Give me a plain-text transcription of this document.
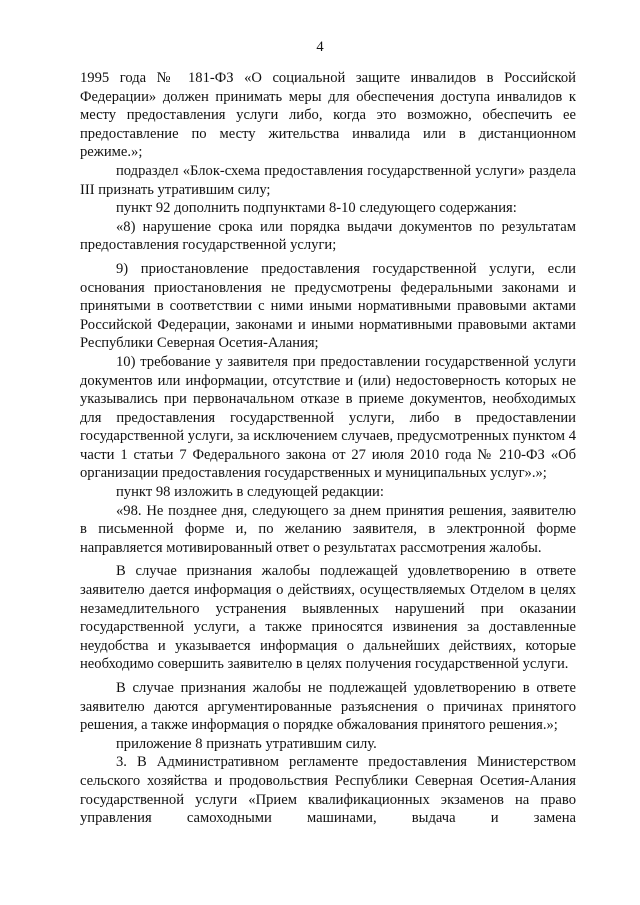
4

1995 года № 181-ФЗ «О социальной защите инвалидов в Российской Федерации» должен принимать меры для обеспечения доступа инвалидов к месту предоставления услуги либо, когда это возможно, обеспечить ее предоставление по месту жительства инвалида или в дистанционном режиме.»;

подраздел «Блок-схема предоставления государственной услуги» раздела III признать утратившим силу;

пункт 92 дополнить подпунктами 8-10 следующего содержания:

«8) нарушение срока или порядка выдачи документов по результатам предоставления государственной услуги;

9) приостановление предоставления государственной услуги, если основания приостановления не предусмотрены федеральными законами и принятыми в соответствии с ними иными нормативными правовыми актами Российской Федерации, законами и иными нормативными правовыми актами Республики Северная Осетия-Алания;

10) требование у заявителя при предоставлении государственной услуги документов или информации, отсутствие и (или) недостоверность которых не указывались при первоначальном отказе в приеме документов, необходимых для предоставления государственной услуги, либо в предоставлении государственной услуги, за исключением случаев, предусмотренных пунктом 4 части 1 статьи 7 Федерального закона от 27 июля 2010 года № 210-ФЗ «Об организации предоставления государственных и муниципальных услуг».»;

пункт 98 изложить в следующей редакции:

«98. Не позднее дня, следующего за днем принятия решения, заявителю в письменной форме и, по желанию заявителя, в электронной форме направляется мотивированный ответ о результатах рассмотрения жалобы.

В случае признания жалобы подлежащей удовлетворению в ответе заявителю дается информация о действиях, осуществляемых Отделом в целях незамедлительного устранения выявленных нарушений при оказании государственной услуги, а также приносятся извинения за доставленные неудобства и указывается информация о дальнейших действиях, которые необходимо совершить заявителю в целях получения государственной услуги.

В случае признания жалобы не подлежащей удовлетворению в ответе заявителю даются аргументированные разъяснения о причинах принятого решения, а также информация о порядке обжалования принятого решения.»;

приложение 8 признать утратившим силу.

3. В Административном регламенте предоставления Министерством сельского хозяйства и продовольствия Республики Северная Осетия-Алания государственной услуги «Прием квалификационных экзаменов на право управления самоходными машинами, выдача и замена
